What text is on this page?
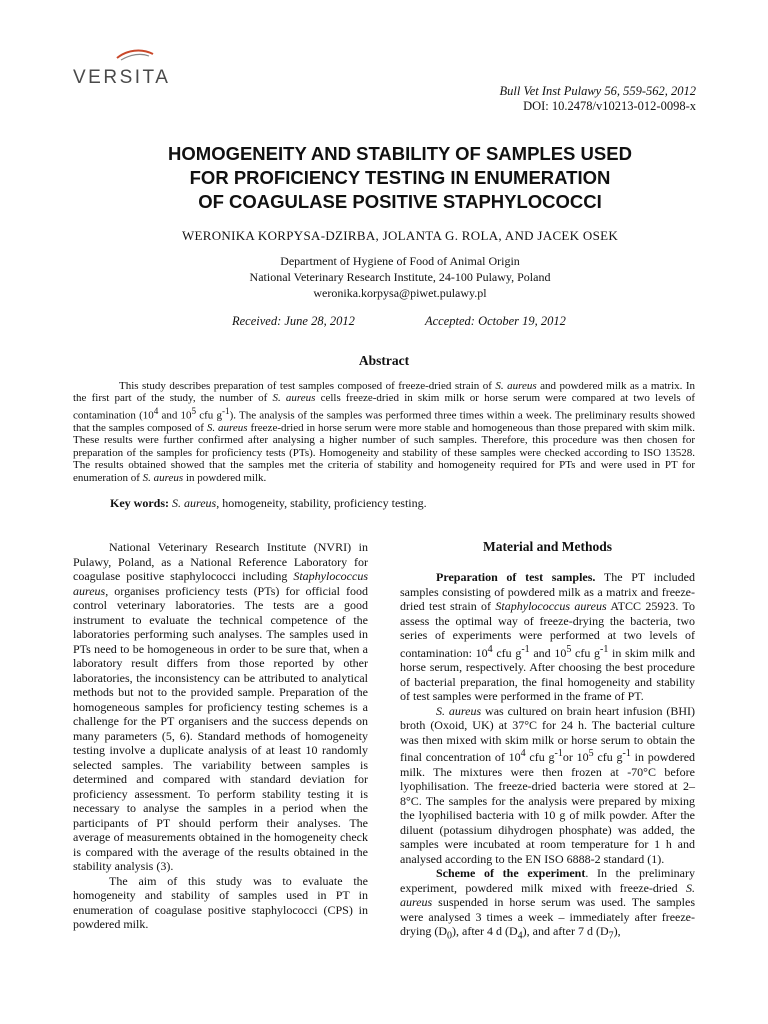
VERSITA
Bull Vet Inst Pulawy 56, 559-562, 2012
DOI: 10.2478/v10213-012-0098-x
HOMOGENEITY AND STABILITY OF SAMPLES USED
FOR PROFICIENCY TESTING IN ENUMERATION
OF COAGULASE POSITIVE STAPHYLOCOCCI
WERONIKA KORPYSA-DZIRBA, JOLANTA G. ROLA, AND JACEK OSEK
Department of Hygiene of Food of Animal Origin
National Veterinary Research Institute, 24-100 Pulawy, Poland
weronika.korpysa@piwet.pulawy.pl
Received: June 28, 2012	Accepted: October 19, 2012
Abstract
This study describes preparation of test samples composed of freeze-dried strain of S. aureus and powdered milk as a matrix. In the first part of the study, the number of S. aureus cells freeze-dried in skim milk or horse serum were compared at two levels of contamination ($10^4$ and $10^5$ cfu $g^{-1}$). The analysis of the samples was performed three times within a week. The preliminary results showed that the samples composed of S. aureus freeze-dried in horse serum were more stable and homogeneous than those prepared with skim milk. These results were further confirmed after analysing a higher number of such samples. Therefore, this procedure was then chosen for preparation of the samples for proficiency tests (PTs). Homogeneity and stability of these samples were checked according to ISO 13528. The results obtained showed that the samples met the criteria of stability and homogeneity required for PTs and were used in PT for enumeration of S. aureus in powdered milk.
Key words: S. aureus, homogeneity, stability, proficiency testing.

National Veterinary Research Institute (NVRI) in Pulawy, Poland, as a National Reference Laboratory for coagulase positive staphylococci including Staphylococcus aureus, organises proficiency tests (PTs) for official food control veterinary laboratories. The tests are a good instrument to evaluate the technical competence of the laboratories performing such analyses. The samples used in PTs need to be homogeneous in order to be sure that, when a laboratory result differs from those reported by other laboratories, the inconsistency can be attributed to analytical methods but not to the provided sample. Preparation of the homogeneous samples for proficiency testing schemes is a challenge for the PT organisers and the success depends on many parameters (5, 6). Standard methods of homogeneity testing involve a duplicate analysis of at least 10 randomly selected samples. The variability between samples is determined and compared with standard deviation for proficiency assessment. To perform stability testing it is necessary to analyse the samples in a period when the participants of PT should perform their analyses. The average of measurements obtained in the homogeneity check is compared with the average of the results obtained in the stability analysis (3).

The aim of this study was to evaluate the homogeneity and stability of samples used in PT in enumeration of coagulase positive staphylococci (CPS) in powdered milk.

Material and Methods

Preparation of test samples. The PT included samples consisting of powdered milk as a matrix and freeze-dried test strain of Staphylococcus aureus ATCC 25923. To assess the optimal way of freeze-drying the bacteria, two series of experiments were performed at two levels of contamination: $10^4$ cfu $g^{-1}$ and $10^5$ cfu $g^{-1}$ in skim milk and horse serum, respectively. After choosing the best procedure of bacterial preparation, the final homogeneity and stability of test samples were performed in the frame of PT.

S. aureus was cultured on brain heart infusion (BHI) broth (Oxoid, UK) at 37°C for 24 h. The bacterial culture was then mixed with skim milk or horse serum to obtain the final concentration of $10^4$ cfu $g^{-1}or$ $10^5$ cfu $g^{-1}$ in powdered milk. The mixtures were then frozen at -70°C before lyophilisation. The freeze-dried bacteria were stored at 2–8°C. The samples for the analysis were prepared by mixing the lyophilised bacteria with 10 g of milk powder. After the diluent (potassium dihydrogen phosphate) was added, the samples were incubated at room temperature for 1 h and analysed according to the EN ISO 6888-2 standard (1).

Scheme of the experiment. In the preliminary experiment, powdered milk mixed with freeze-dried S. aureus suspended in horse serum was used. The samples were analysed 3 times a week – immediately after freeze-drying $(D_0)$, after 4 d $(D_4)$, and after 7 d $(D_7)$,
